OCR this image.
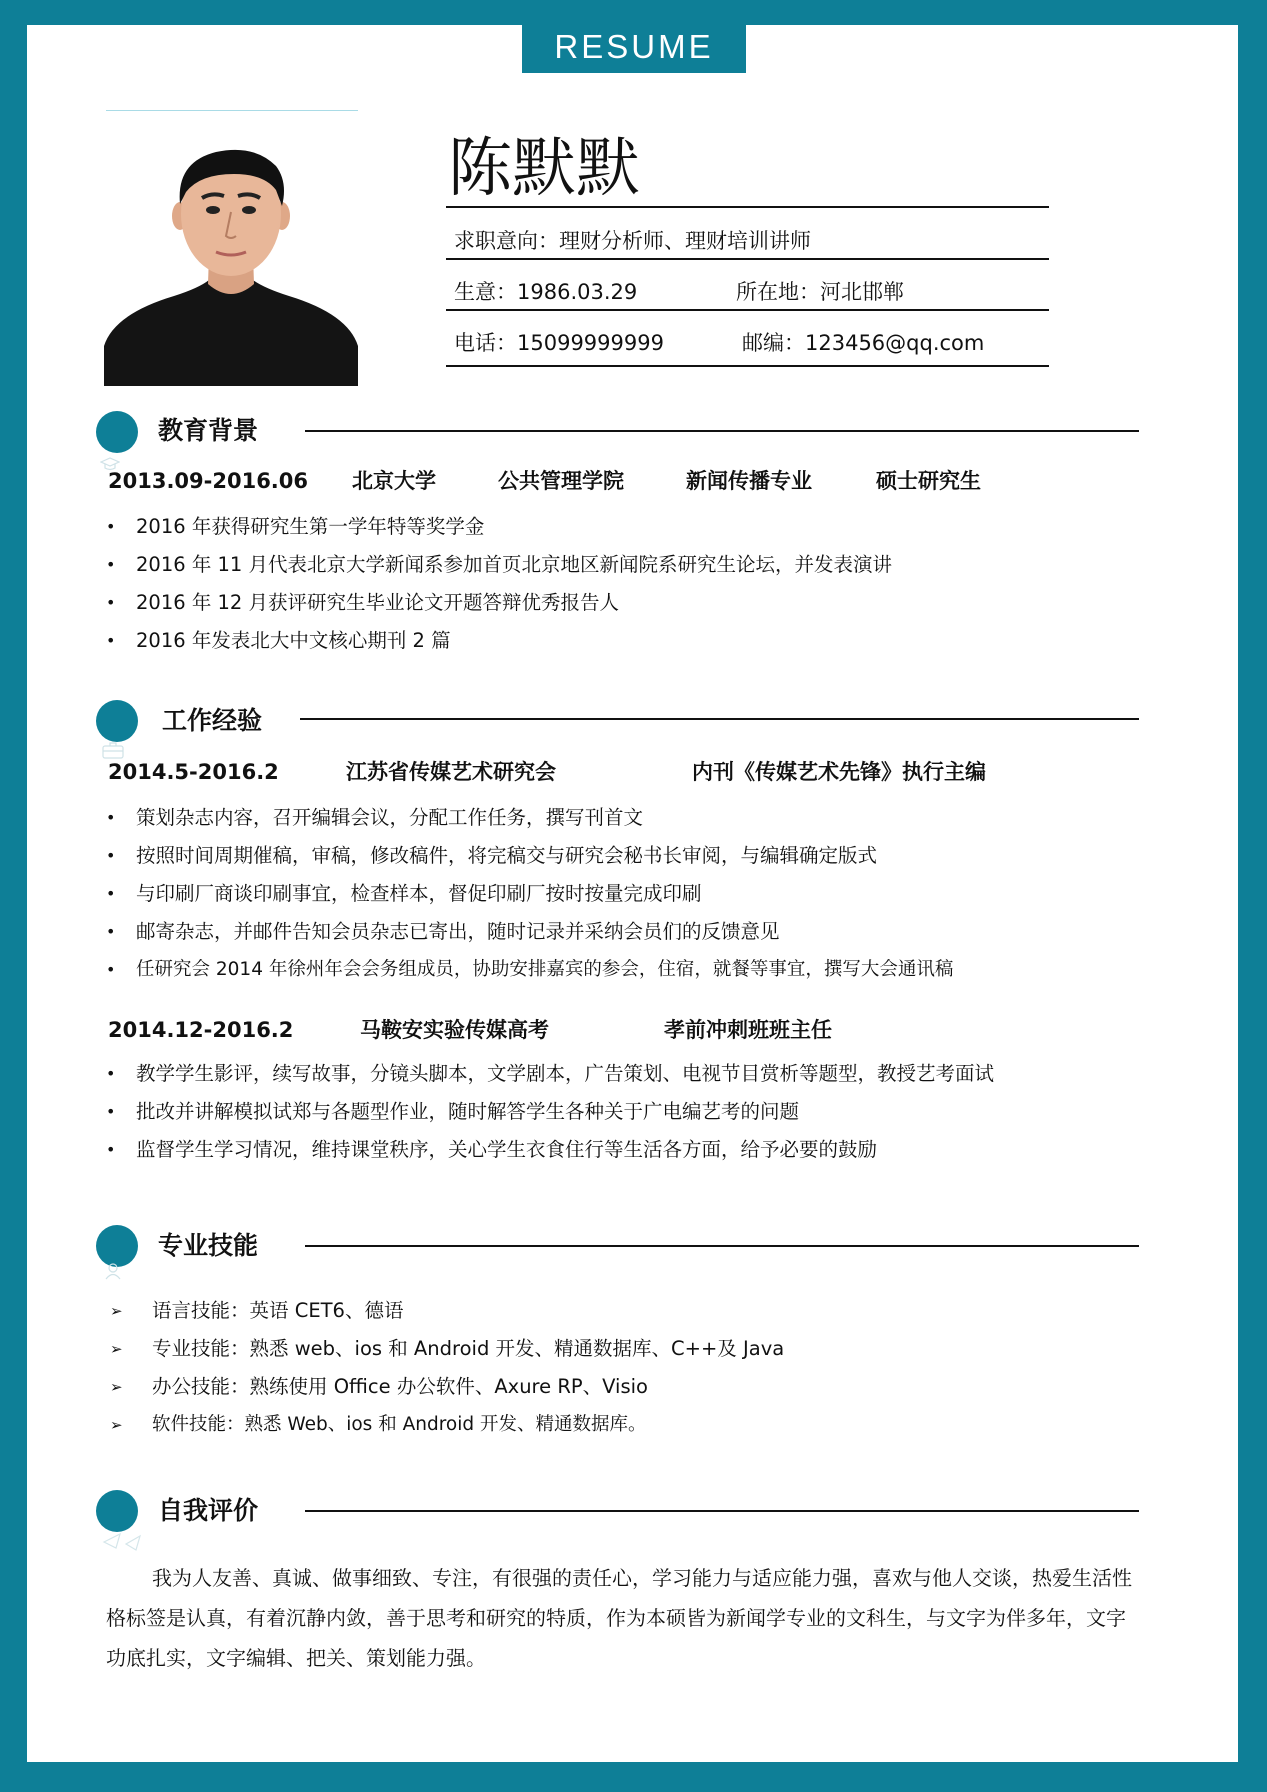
RESUME
陈默默
求职意向：理财分析师、理财培训讲师
生意：1986.03.29	所在地：河北邯郸
电话：15099999999	邮编：123456@qq.com
教育背景
2013.09-2016.06 北京大学	公共管理学院	新闻传播专业	硕士研究生
• 2016 年获得研究生第一学年特等奖学金
• 2016 年 11 月代表北京大学新闻系参加首页北京地区新闻院系研究生论坛，并发表演讲
• 2016 年 12 月获评研究生毕业论文开题答辩优秀报告人
• 2016 年发表北大中文核心期刊 2 篇
工作经验
2014.5-2016.2	江苏省传媒艺术研究会	内刊《传媒艺术先锋》执行主编
• 策划杂志内容，召开编辑会议，分配工作任务，撰写刊首文
• 按照时间周期催稿，审稿，修改稿件，将完稿交与研究会秘书长审阅，与编辑确定版式
• 与印刷厂商谈印刷事宜，检查样本，督促印刷厂按时按量完成印刷
• 邮寄杂志，并邮件告知会员杂志已寄出，随时记录并采纳会员们的反馈意见
• 任研究会 2014 年徐州年会会务组成员，协助安排嘉宾的参会，住宿，就餐等事宜，撰写大会通讯稿
2014.12-2016.2	马鞍安实验传媒高考	孝前冲刺班班主任
• 教学学生影评，续写故事，分镜头脚本，文学剧本，广告策划、电视节目赏析等题型，教授艺考面试
• 批改并讲解模拟试郑与各题型作业，随时解答学生各种关于广电编艺考的问题
• 监督学生学习情况，维持课堂秩序，关心学生衣食住行等生活各方面，给予必要的鼓励
专业技能
➢ 语言技能：英语 CET6、德语
➢ 专业技能：熟悉 web、ios 和 Android 开发、精通数据库、C++及 Java
➢ 办公技能：熟练使用 Office 办公软件、Axure RP、Visio
➢ 软件技能：熟悉 Web、ios 和 Android 开发、精通数据库。
自我评价
我为人友善、真诚、做事细致、专注，有很强的责任心，学习能力与适应能力强，喜欢与他人交谈，热爱生活性格标签是认真，有着沉静内敛，善于思考和研究的特质，作为本硕皆为新闻学专业的文科生，与文字为伴多年，文字功底扎实，文字编辑、把关、策划能力强。
